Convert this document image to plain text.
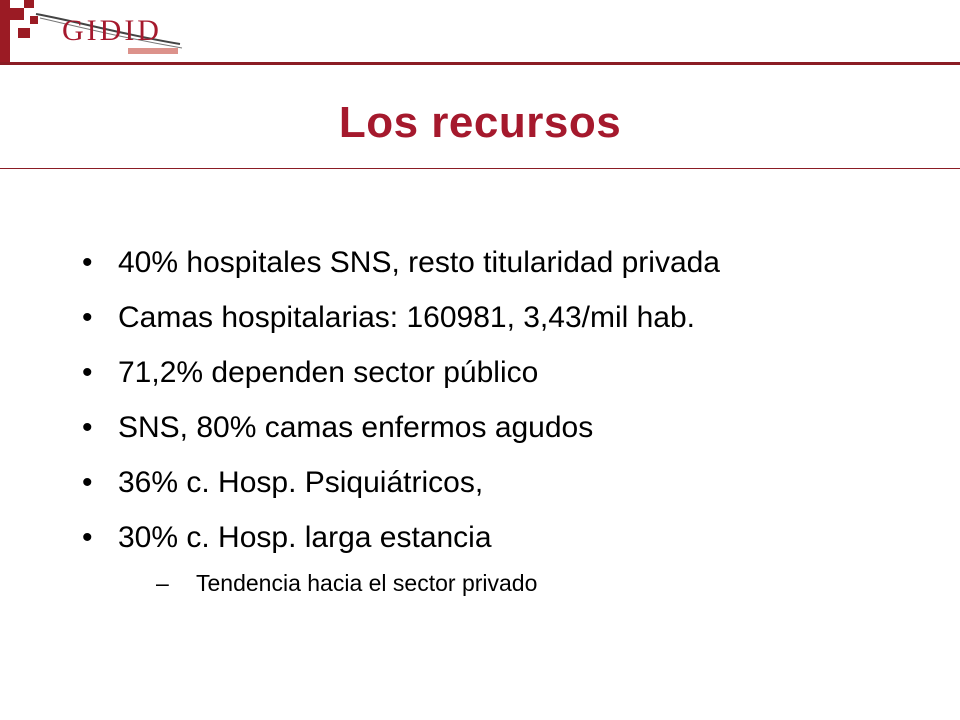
GIDID
Los recursos
• 40% hospitales SNS, resto titularidad privada
• Camas hospitalarias: 160981, 3,43/mil hab.
• 71,2% dependen sector público
• SNS, 80% camas enfermos agudos
• 36% c. Hosp. Psiquiátricos,
• 30% c. Hosp. larga estancia
–	Tendencia hacia el sector privado
